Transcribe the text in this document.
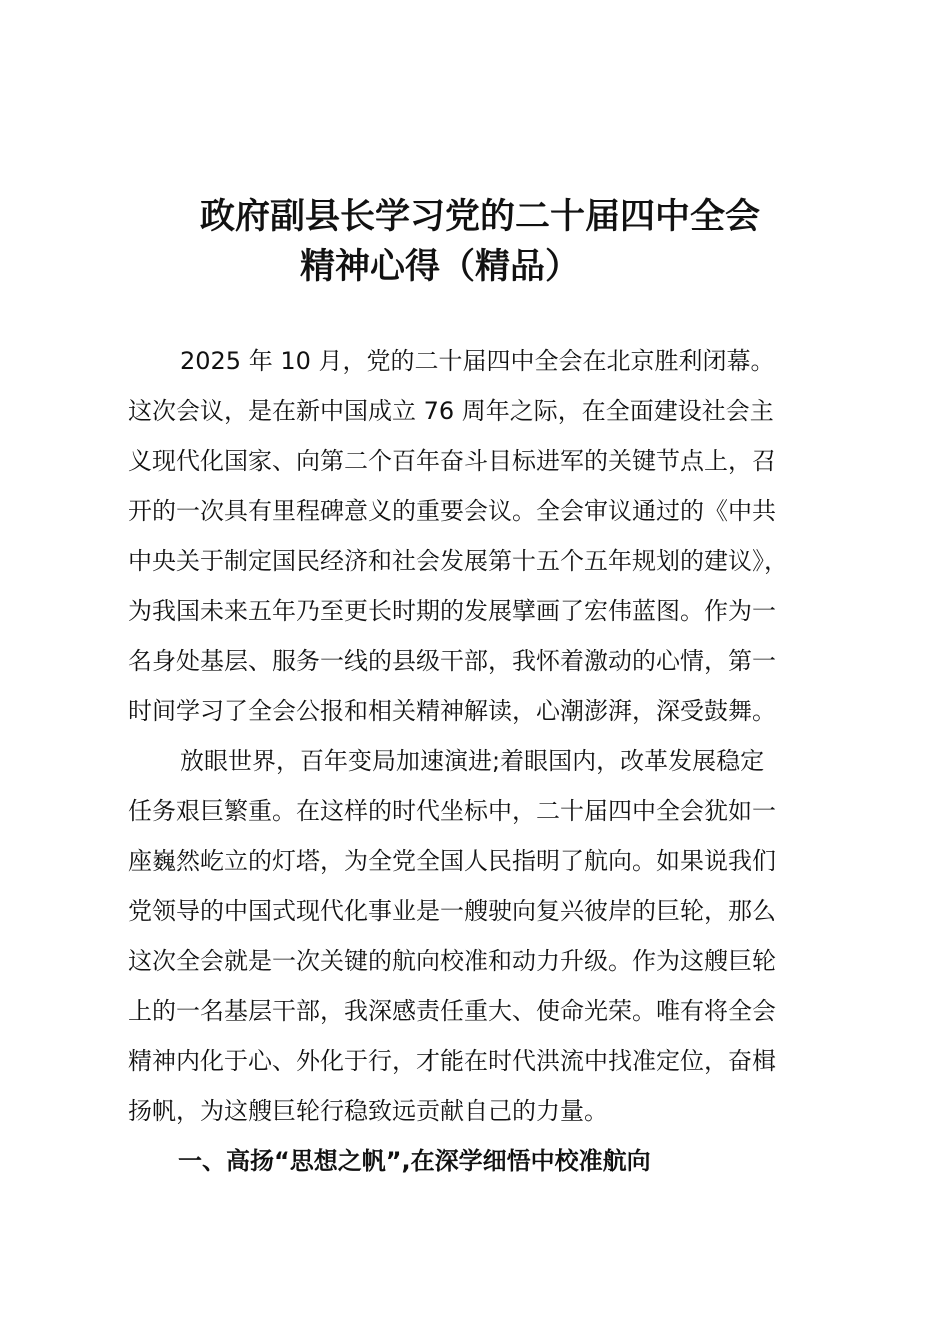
政府副县长学习党的二十届四中全会
精神心得（精品）

2025 年 10 月，党的二十届四中全会在北京胜利闭幕。

这次会议，是在新中国成立 76 周年之际，在全面建设社会主

义现代化国家、向第二个百年奋斗目标进军的关键节点上，召

开的一次具有里程碑意义的重要会议。全会审议通过的《中共

中央关于制定国民经济和社会发展第十五个五年规划的建议》，

为我国未来五年乃至更长时期的发展擘画了宏伟蓝图。作为一

名身处基层、服务一线的县级干部，我怀着激动的心情，第一

时间学习了全会公报和相关精神解读，心潮澎湃，深受鼓舞。

放眼世界，百年变局加速演进;着眼国内，改革发展稳定

任务艰巨繁重。在这样的时代坐标中，二十届四中全会犹如一

座巍然屹立的灯塔，为全党全国人民指明了航向。如果说我们

党领导的中国式现代化事业是一艘驶向复兴彼岸的巨轮，那么

这次全会就是一次关键的航向校准和动力升级。作为这艘巨轮

上的一名基层干部，我深感责任重大、使命光荣。唯有将全会

精神内化于心、外化于行，才能在时代洪流中找准定位，奋楫

扬帆，为这艘巨轮行稳致远贡献自己的力量。

一、高扬“思想之帆”,在深学细悟中校准航向
